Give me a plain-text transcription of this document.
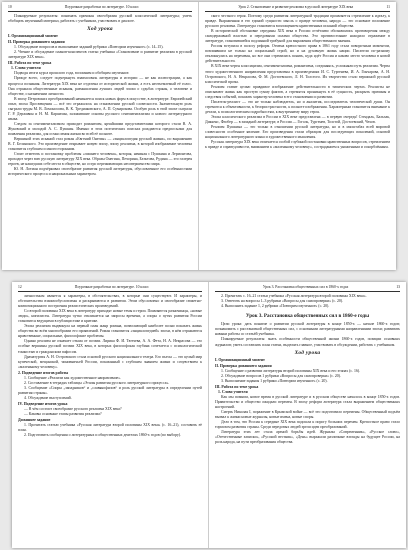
10	Поурочные разработки по литературе. 10 класс

Планируемые результаты: понимать причины своеобразия русской классической литературы; уметь обобщать изученный материал, работать с учебником, участвовать в диалоге.

Ход урока

I. Организационный момент

II. Проверка домашнего задания

1. Обсуждение вопросов и выполнение заданий рубрики «Повторим изученное» (с. 14–15).

2. Чтение и обсуждение планов-конспектов статьи учебника «Становление и развитие реализма в русской литературе XIX века».

III. Работа по теме урока

1. Слово учителя

Подводя итоги курса прошлого года, вспомним и обобщим изученное.

Прежде всего, следует подчеркнуть взаимосвязь литературы и истории — не как иллюстрации, а как процесса познания. Литература XIX века не отделена от исторической жизни, а есть неотъемлемый её голос. Она отражала общественные искания, размышления лучших людей эпохи о судьбах страны, о человеке и обществе, о назначении личности.

В эпоху Петровских преобразований начинается поиск новых форм в искусстве, в литературе. Европейский опыт, эпоха Просвещения — всё это отражалось на становлении русской словесности. Значительную роль сыграли труды М. В. Ломоносова, В. К. Тредиаковского, А. П. Сумарокова. Особую роль в этой эпохе сыграли Г. Р. Державин и Н. М. Карамзин, заложившие основы русского сентиментализма и нового литературного языка.

Следом за сентиментализмом приходит романтизм, ярчайшими представителями которого стали В. А. Жуковский и молодой А. С. Пушкин. Именно в этих поэтических поисках рождаются предпосылки для появления реализма, для осмысления жизни во всей её полноте.

Вершиной этих исканий стал роман «Евгений Онегин» — «энциклопедия русской жизни», по выражению В. Г. Белинского. Это произведение открывает новую эпоху, эпоху реализма, в которой изображение человека становится глубоким и многосторонним.

Стоит отметить и постановку проблемы «лишнего человека», которая, начиная с Пушкина и Лермонтова, проходит через всю русскую литературу XIX века. Образы Онегина, Печорина, Бельтова, Рудина — это галерея героев, не нашедших себе места в обществе, но остро переживающих несовершенство мира.

Ю. Н. Лотман подчёркивал своеобразие развития русской литературы, обусловленное его особенностями исторического процесса и национальным характером.

Урок 2. Становление и развитие реализма в русской литературе XIX века	11

ского честного героя. Поэтому среди развития литературной традиции проявляется стремление к идеалу, к правде. Выраженная в его единой сущности мысль о правде человека, народа — это основное положение русского реализма. Литература становится воплощением нравственных исканий общества.

В исторической обстановке середины XIX века в России отчётливо обозначились противоречия между самодержавной властью и передовыми силами общества. Это противостояние находило отражение в литературе, становившейся подлинной трибуной для выражения общественного мнения.

Россия вступила в полосу реформ. Отмена крепостного права в 1861 году стала поворотным моментом, повлиявшим не только на социальный строй, но и на духовную жизнь нации. Писатели по-разному откликнулись на перемены, но все они стремились понять, куда идёт Россия и каково место человека в новой действительности.

В XIX веке черты классицизма, сентиментализма, романтизма, соединяясь, усложняли путь реализма. Черты этого художественного направления представлены в произведениях И. С. Тургенева, И. А. Гончарова, А. Н. Островского, Н. А. Некрасова, Ф. М. Достоевского, Л. Н. Толстого. Их творчество стало вершиной русской классической прозы.

Реализм ставит целью правдивое изображение действительности в типических чертах. Реалисты не описывают жизнь как простую сумму фактов, а стремятся проникнуть в её сущность, раскрыть причины и следствия событий, показать характер человека в его становлении и развитии.

Писатель-реалист — это не только наблюдатель, но и аналитик, исследователь человеческой души. Он стремится к объективности, к беспристрастности, к полноте изображения. Характерным становится внимание к детали, к психологическим подробностям, к внутреннему миру героя.

Эпоха классического реализма в России в XIX веке представлена — в первую очередь! Стендаль, Бальзак, Диккенс, Флобер — в западной литературе, в России — Гоголь, Тургенев, Толстой, Достоевский, Чехов.

Реализм Пушкина — это только в отношении русской литературы, но и в масштабах всей мировой словесности особенное явление. Его произведения стали образцом для последующих поколений, основой национального литературного языка и художественного мышления.

Русская литература XIX века отличается особой глубиной постановки нравственных вопросов, стремлением к правде и справедливости, вниманием к «маленькому человеку», состраданием к униженным и оскорблённым.

12	Поурочные разработки по литературе. 10 класс

личностным является я характеры, в обстоятельствах, в которые они существуют. И характеры, и обстоятельства взаимообусловлены и раскрываются в развитии. Этим обусловлено и своеобразие сюжетно-композиционного построения реалистических произведений.

Со второй половины XIX века в литературу приходят новые темы и герои. Появляются разночинцы, «новые люди», нигилисты. Литература чутко откликается на запросы времени, а споры о путях развития России становятся ведущими в публицистике и критике.

Эпоха реализма выдвинула на первый план жанр романа, позволяющий наиболее полно показать жизнь общества во всём многообразии его проявлений. Роман становится «энциклопедией» эпохи, в нём отражаются нравственные, социальные, философские проблемы.

Однако реализм не означает отказа от поэзии. Лирика Ф. И. Тютчева, А. А. Фета, Н. А. Некрасова — это особые вершины русской поэзии XIX века, в которых философская глубина сочетается с психологической тонкостью и гражданским пафосом.

Драматургия А. Н. Островского стала основой русского национального театра. Его пьесы — это целый мир купеческой, мещанской, чиновничьей России, показанный с глубоким знанием жизни и сочувствием к «маленькому человеку».

2. Подведение итогов работы

1. Сообщение «Реализм как художественное направление».

2. Составление в тетрадях таблицы «Этапы развития русского литературного процесса».

3. Сообщение «Споры „западников“ и „славянофилов“ и роль русской литературы в определении путей развития страны».

4. Обсуждение выступлений.

IV. Подведение итогов урока

— В чём состоит своеобразие русского реализма XIX века?

— Каковы основные этапы развития реализма?

Домашнее задание

1. Прочитать статью учебника «Русская литература второй половины XIX века» (с. 16–21), составить её план.

2. Подготовить сообщения о литературных и общественных деятелях 1860-х годов (по выбору).

Урок 3. Расстановка общественных сил в 1860-х годах	13

2. Прочитать с. 16–21 статьи учебника «Русская литература второй половины XIX века».

3. Ответить на вопросы 1–3 рубрики «Вопросы для самопроверки» (с. 20).

4. Выполнить задание 1, 2 рубрики «Повторим изученное» (с. 20).

Урок 3. Расстановка общественных сил в 1860-е годы

Цели урока: дать понятие о развитии русской литературы в конце 1850-х — начале 1860-х годов; познакомить с расстановкой общественных сил, с основными литературными направлениями эпохи; развивать навыки работы со статьёй учебника.

Планируемые результаты: знать особенности общественной жизни 1860-х годов, позиции основных журналов; уметь составлять план статьи, выделять главное, участвовать в обсуждении, работать с учебником.

Ход урока

I. Организационный момент

II. Проверка домашнего задания

1. Сообщение о развитии литературы второй половины XIX века и его этапах (с. 16).

2. Обсуждение вопросов 1 рубрики «Вопросы для самопроверки» (с. 20).

3. Выполнение задания 1 рубрики «Повторим изученное» (с. 20).

III. Работа по теме урока

1. Слово учителя

Как мы помним, новое время в русской литературе и в русском обществе началось в конце 1850-х годов. Правительство и общество ожидали перемен. В эпоху реформ литература стала выражением общественных настроений.

Смерть Николая I, поражение в Крымской войне — всё это подготовило перемены. Общественный подъём вызвал к жизни новые журналы, новые имена, новые споры.

Дело в том, что Россия к середине XIX века подошла к порогу больших перемен. Крепостное право стало тормозом развития страны. Среди передовых людей зрели идеи преобразований.

Литература этих лет стала ареной борьбы идей. Журналы «Современник», «Русское слово», «Отечественные записки», «Русский вестник», «День» выражали различные взгляды на будущее России, на роль народа, на пути преобразования общества.
